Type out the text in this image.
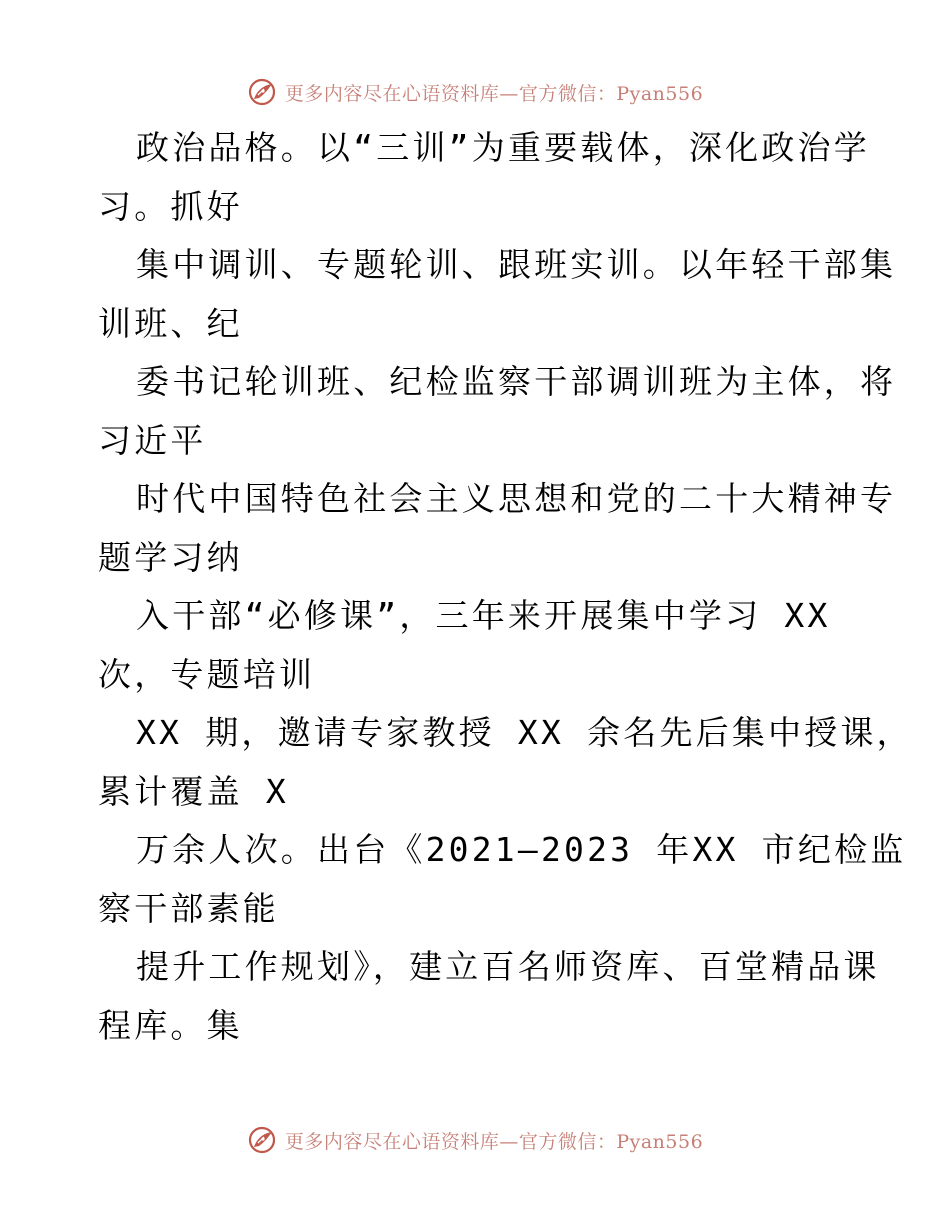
更多内容尽在心语资料库—官方微信：Pyan556
政治品格。以“三训”为重要载体，深化政治学
习。抓好
集中调训、专题轮训、跟班实训。以年轻干部集
训班、纪
委书记轮训班、纪检监察干部调训班为主体，将
习近平
时代中国特色社会主义思想和党的二十大精神专
题学习纳
入干部“必修课”，三年来开展集中学习 XX
次，专题培训
XX 期，邀请专家教授 XX 余名先后集中授课，
累计覆盖 X
万余人次。出台《2021—2023 年XX 市纪检监
察干部素能
提升工作规划》，建立百名师资库、百堂精品课
程库。集
更多内容尽在心语资料库—官方微信：Pyan556
